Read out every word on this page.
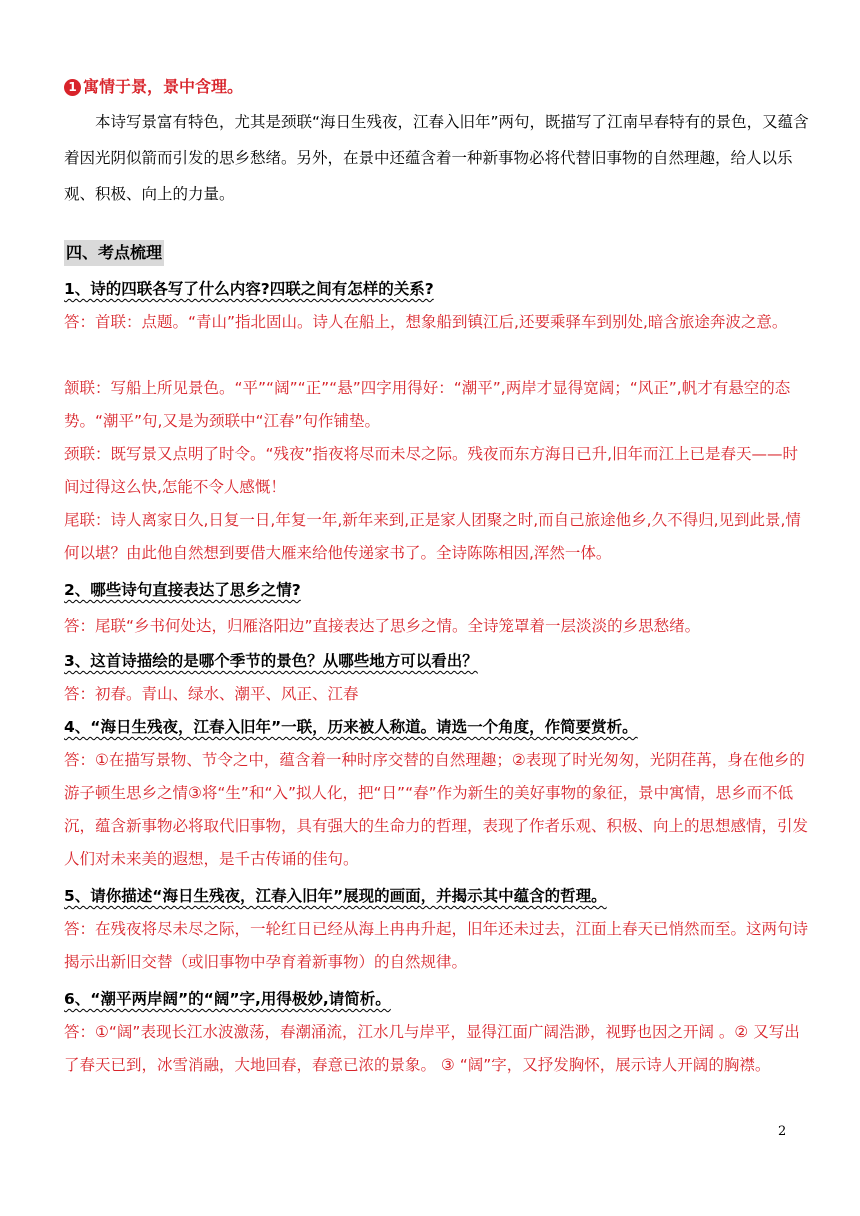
1 寓情于景，景中含理。
本诗写景富有特色，尤其是颈联“海日生残夜，江春入旧年”两句，既描写了江南早春特有的景色，又蕴含着因光阴似箭而引发的思乡愁绪。另外，在景中还蕴含着一种新事物必将代替旧事物的自然理趣，给人以乐观、积极、向上的力量。
四、考点梳理
1、诗的四联各写了什么内容?四联之间有怎样的关系?
答：首联：点题。“青山”指北固山。诗人在船上，想象船到镇江后,还要乘驿车到别处,暗含旅途奔波之意。
颔联：写船上所见景色。“平”“阔”“正”“悬”四字用得好：“潮平”,两岸才显得宽阔；“风正”,帆才有悬空的态势。“潮平”句,又是为颈联中“江春”句作铺垫。
颈联：既写景又点明了时令。“残夜”指夜将尽而未尽之际。残夜而东方海日已升,旧年而江上已是春天——时间过得这么快,怎能不令人感慨！
尾联：诗人离家日久,日复一日,年复一年,新年来到,正是家人团聚之时,而自己旅途他乡,久不得归,见到此景,情何以堪？由此他自然想到要借大雁来给他传递家书了。全诗陈陈相因,浑然一体。
2、哪些诗句直接表达了思乡之情?
答：尾联“乡书何处达，归雁洛阳边”直接表达了思乡之情。全诗笼罩着一层淡淡的乡思愁绪。
3、这首诗描绘的是哪个季节的景色？从哪些地方可以看出？
答：初春。青山、绿水、潮平、风正、江春
4、“海日生残夜，江春入旧年”一联，历来被人称道。请选一个角度，作简要赏析。
答：①在描写景物、节令之中，蕴含着一种时序交替的自然理趣；②表现了时光匆匆，光阴荏苒，身在他乡的游子顿生思乡之情③将“生”和“入”拟人化，把“日”“春”作为新生的美好事物的象征，景中寓情，思乡而不低沉，蕴含新事物必将取代旧事物，具有强大的生命力的哲理，表现了作者乐观、积极、向上的思想感情，引发人们对未来美的遐想，是千古传诵的佳句。
5、请你描述“海日生残夜，江春入旧年”展现的画面，并揭示其中蕴含的哲理。
答：在残夜将尽未尽之际，一轮红日已经从海上冉冉升起，旧年还未过去，江面上春天已悄然而至。这两句诗揭示出新旧交替（或旧事物中孕育着新事物）的自然规律。
6、“潮平两岸阔”的“阔”字,用得极妙,请简析。
答：①“阔”表现长江水波激荡，春潮涌流，江水几与岸平，显得江面广阔浩渺，视野也因之开阔 。② 又写出了春天已到，冰雪消融，大地回春，春意已浓的景象。 ③ “阔”字，又抒发胸怀，展示诗人开阔的胸襟。
2
